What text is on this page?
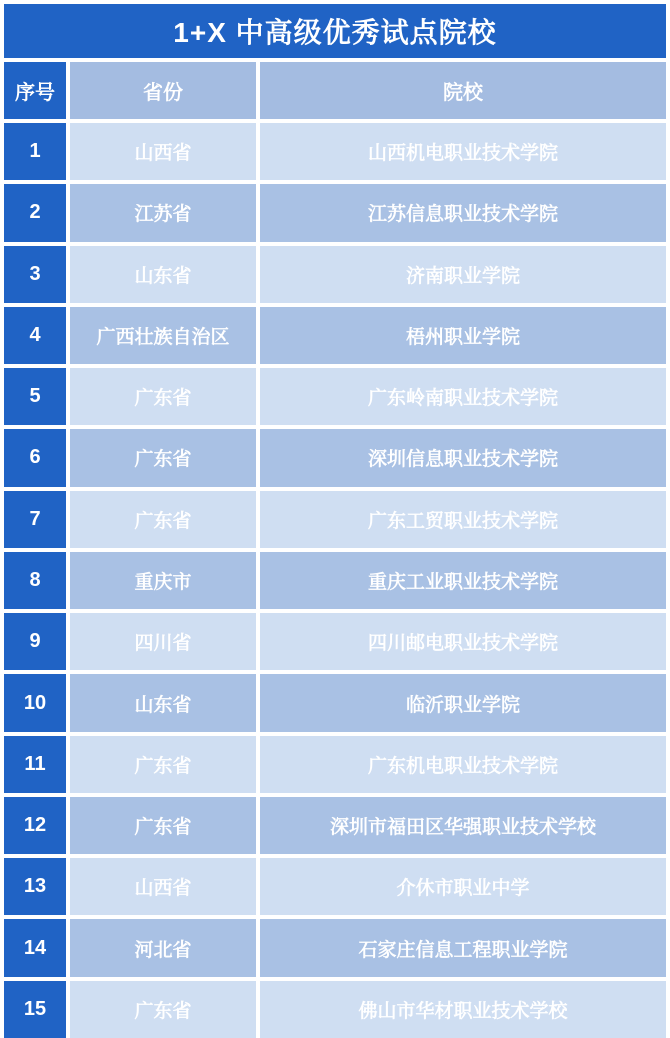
1+X 中高级优秀试点院校
序号	省份	院校
1	山西省	山西机电职业技术学院
2	江苏省	江苏信息职业技术学院
3	山东省	济南职业学院
4	广西壮族自治区	梧州职业学院
5	广东省	广东岭南职业技术学院
6	广东省	深圳信息职业技术学院
7	广东省	广东工贸职业技术学院
8	重庆市	重庆工业职业技术学院
9	四川省	四川邮电职业技术学院
10	山东省	临沂职业学院
11	广东省	广东机电职业技术学院
12	广东省	深圳市福田区华强职业技术学校
13	山西省	介休市职业中学
14	河北省	石家庄信息工程职业学院
15	广东省	佛山市华材职业技术学校
